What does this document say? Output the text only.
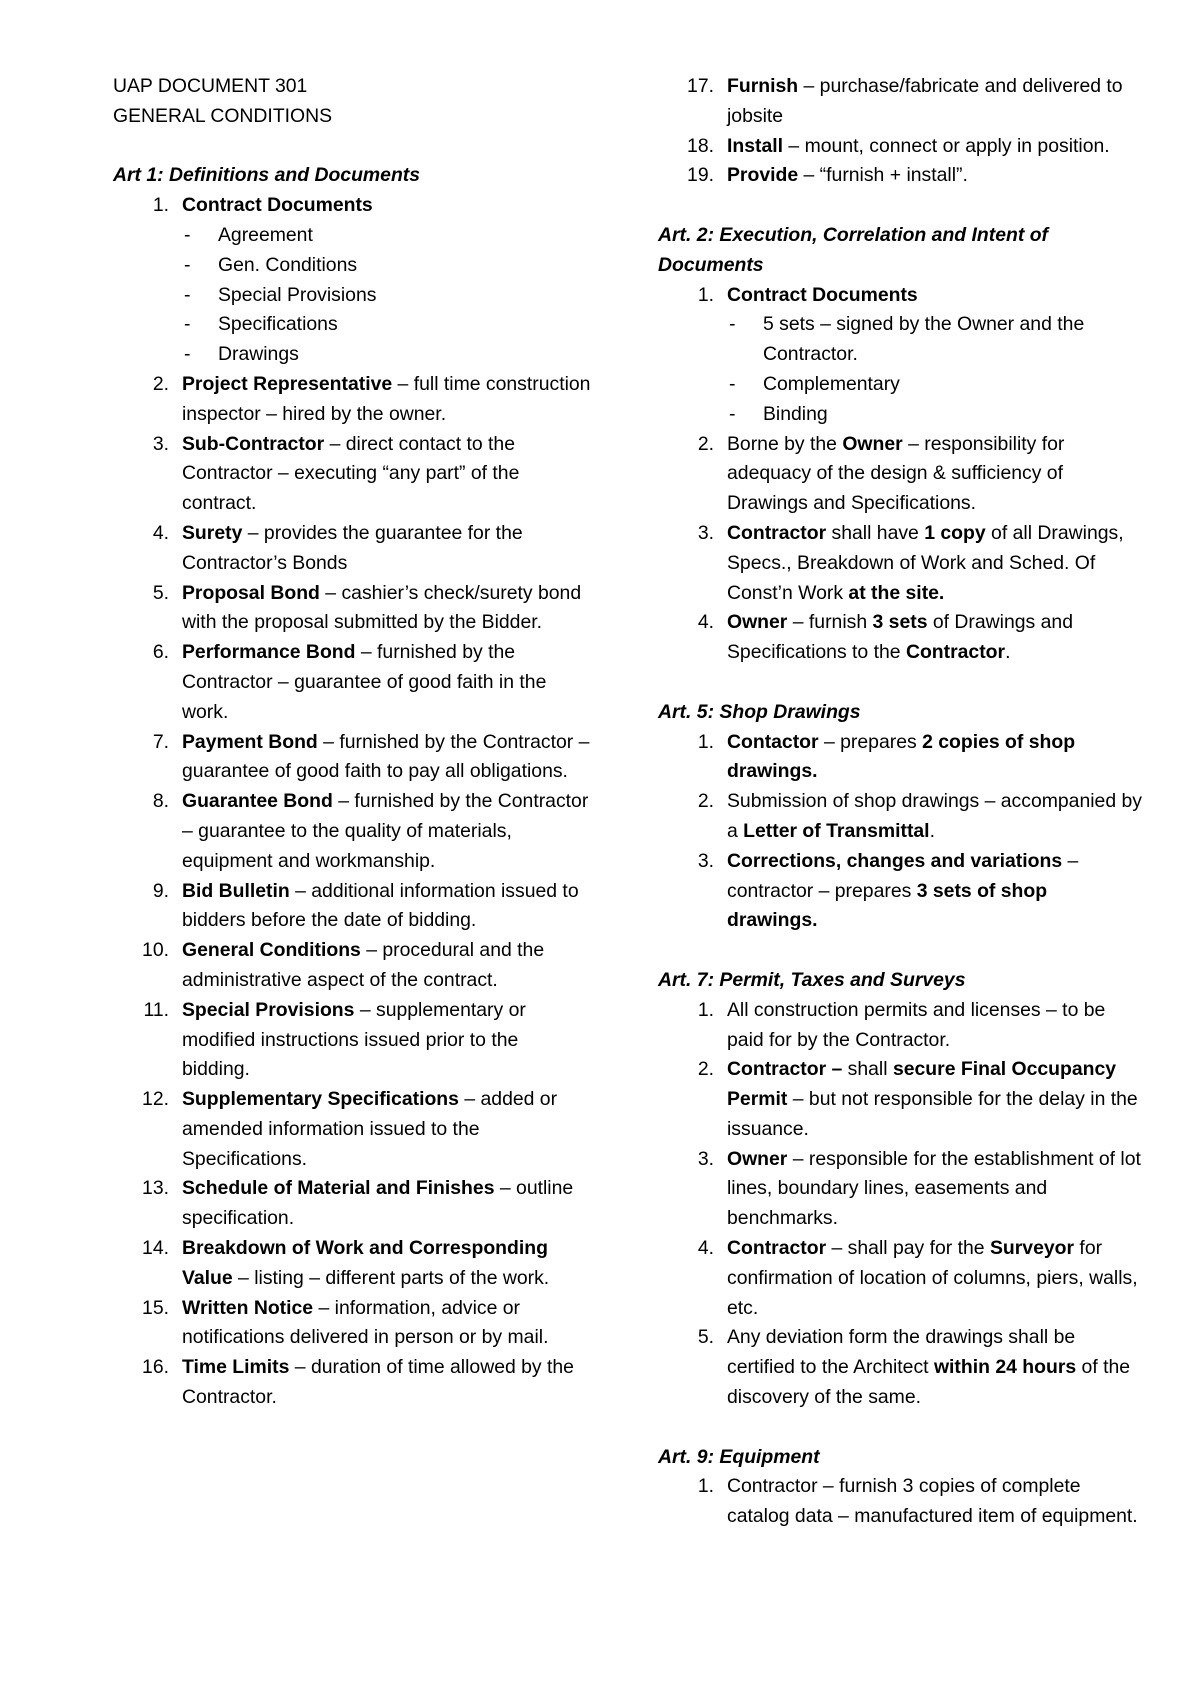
UAP DOCUMENT 301
GENERAL CONDITIONS
Art 1: Definitions and Documents
1. Contract Documents
- Agreement
- Gen. Conditions
- Special Provisions
- Specifications
- Drawings
2. Project Representative – full time construction inspector – hired by the owner.
3. Sub-Contractor – direct contact to the Contractor – executing “any part” of the contract.
4. Surety – provides the guarantee for the Contractor’s Bonds
5. Proposal Bond – cashier’s check/surety bond with the proposal submitted by the Bidder.
6. Performance Bond – furnished by the Contractor – guarantee of good faith in the work.
7. Payment Bond – furnished by the Contractor – guarantee of good faith to pay all obligations.
8. Guarantee Bond – furnished by the Contractor – guarantee to the quality of materials, equipment and workmanship.
9. Bid Bulletin – additional information issued to bidders before the date of bidding.
10. General Conditions – procedural and the administrative aspect of the contract.
11. Special Provisions – supplementary or modified instructions issued prior to the bidding.
12. Supplementary Specifications – added or amended information issued to the Specifications.
13. Schedule of Material and Finishes – outline specification.
14. Breakdown of Work and Corresponding Value – listing – different parts of the work.
15. Written Notice – information, advice or notifications delivered in person or by mail.
16. Time Limits – duration of time allowed by the Contractor.
17. Furnish – purchase/fabricate and delivered to jobsite
18. Install – mount, connect or apply in position.
19. Provide – “furnish + install”.
Art. 2: Execution, Correlation and Intent of Documents
1. Contract Documents
- 5 sets – signed by the Owner and the Contractor.
- Complementary
- Binding
2. Borne by the Owner – responsibility for adequacy of the design & sufficiency of Drawings and Specifications.
3. Contractor shall have 1 copy of all Drawings, Specs., Breakdown of Work and Sched. Of Const’n Work at the site.
4. Owner – furnish 3 sets of Drawings and Specifications to the Contractor.
Art. 5: Shop Drawings
1. Contactor – prepares 2 copies of shop drawings.
2. Submission of shop drawings – accompanied by a Letter of Transmittal.
3. Corrections, changes and variations – contractor – prepares 3 sets of shop drawings.
Art. 7: Permit, Taxes and Surveys
1. All construction permits and licenses – to be paid for by the Contractor.
2. Contractor – shall secure Final Occupancy Permit – but not responsible for the delay in the issuance.
3. Owner – responsible for the establishment of lot lines, boundary lines, easements and benchmarks.
4. Contractor – shall pay for the Surveyor for confirmation of location of columns, piers, walls, etc.
5. Any deviation form the drawings shall be certified to the Architect within 24 hours of the discovery of the same.
Art. 9: Equipment
1. Contractor – furnish 3 copies of complete catalog data – manufactured item of equipment.
